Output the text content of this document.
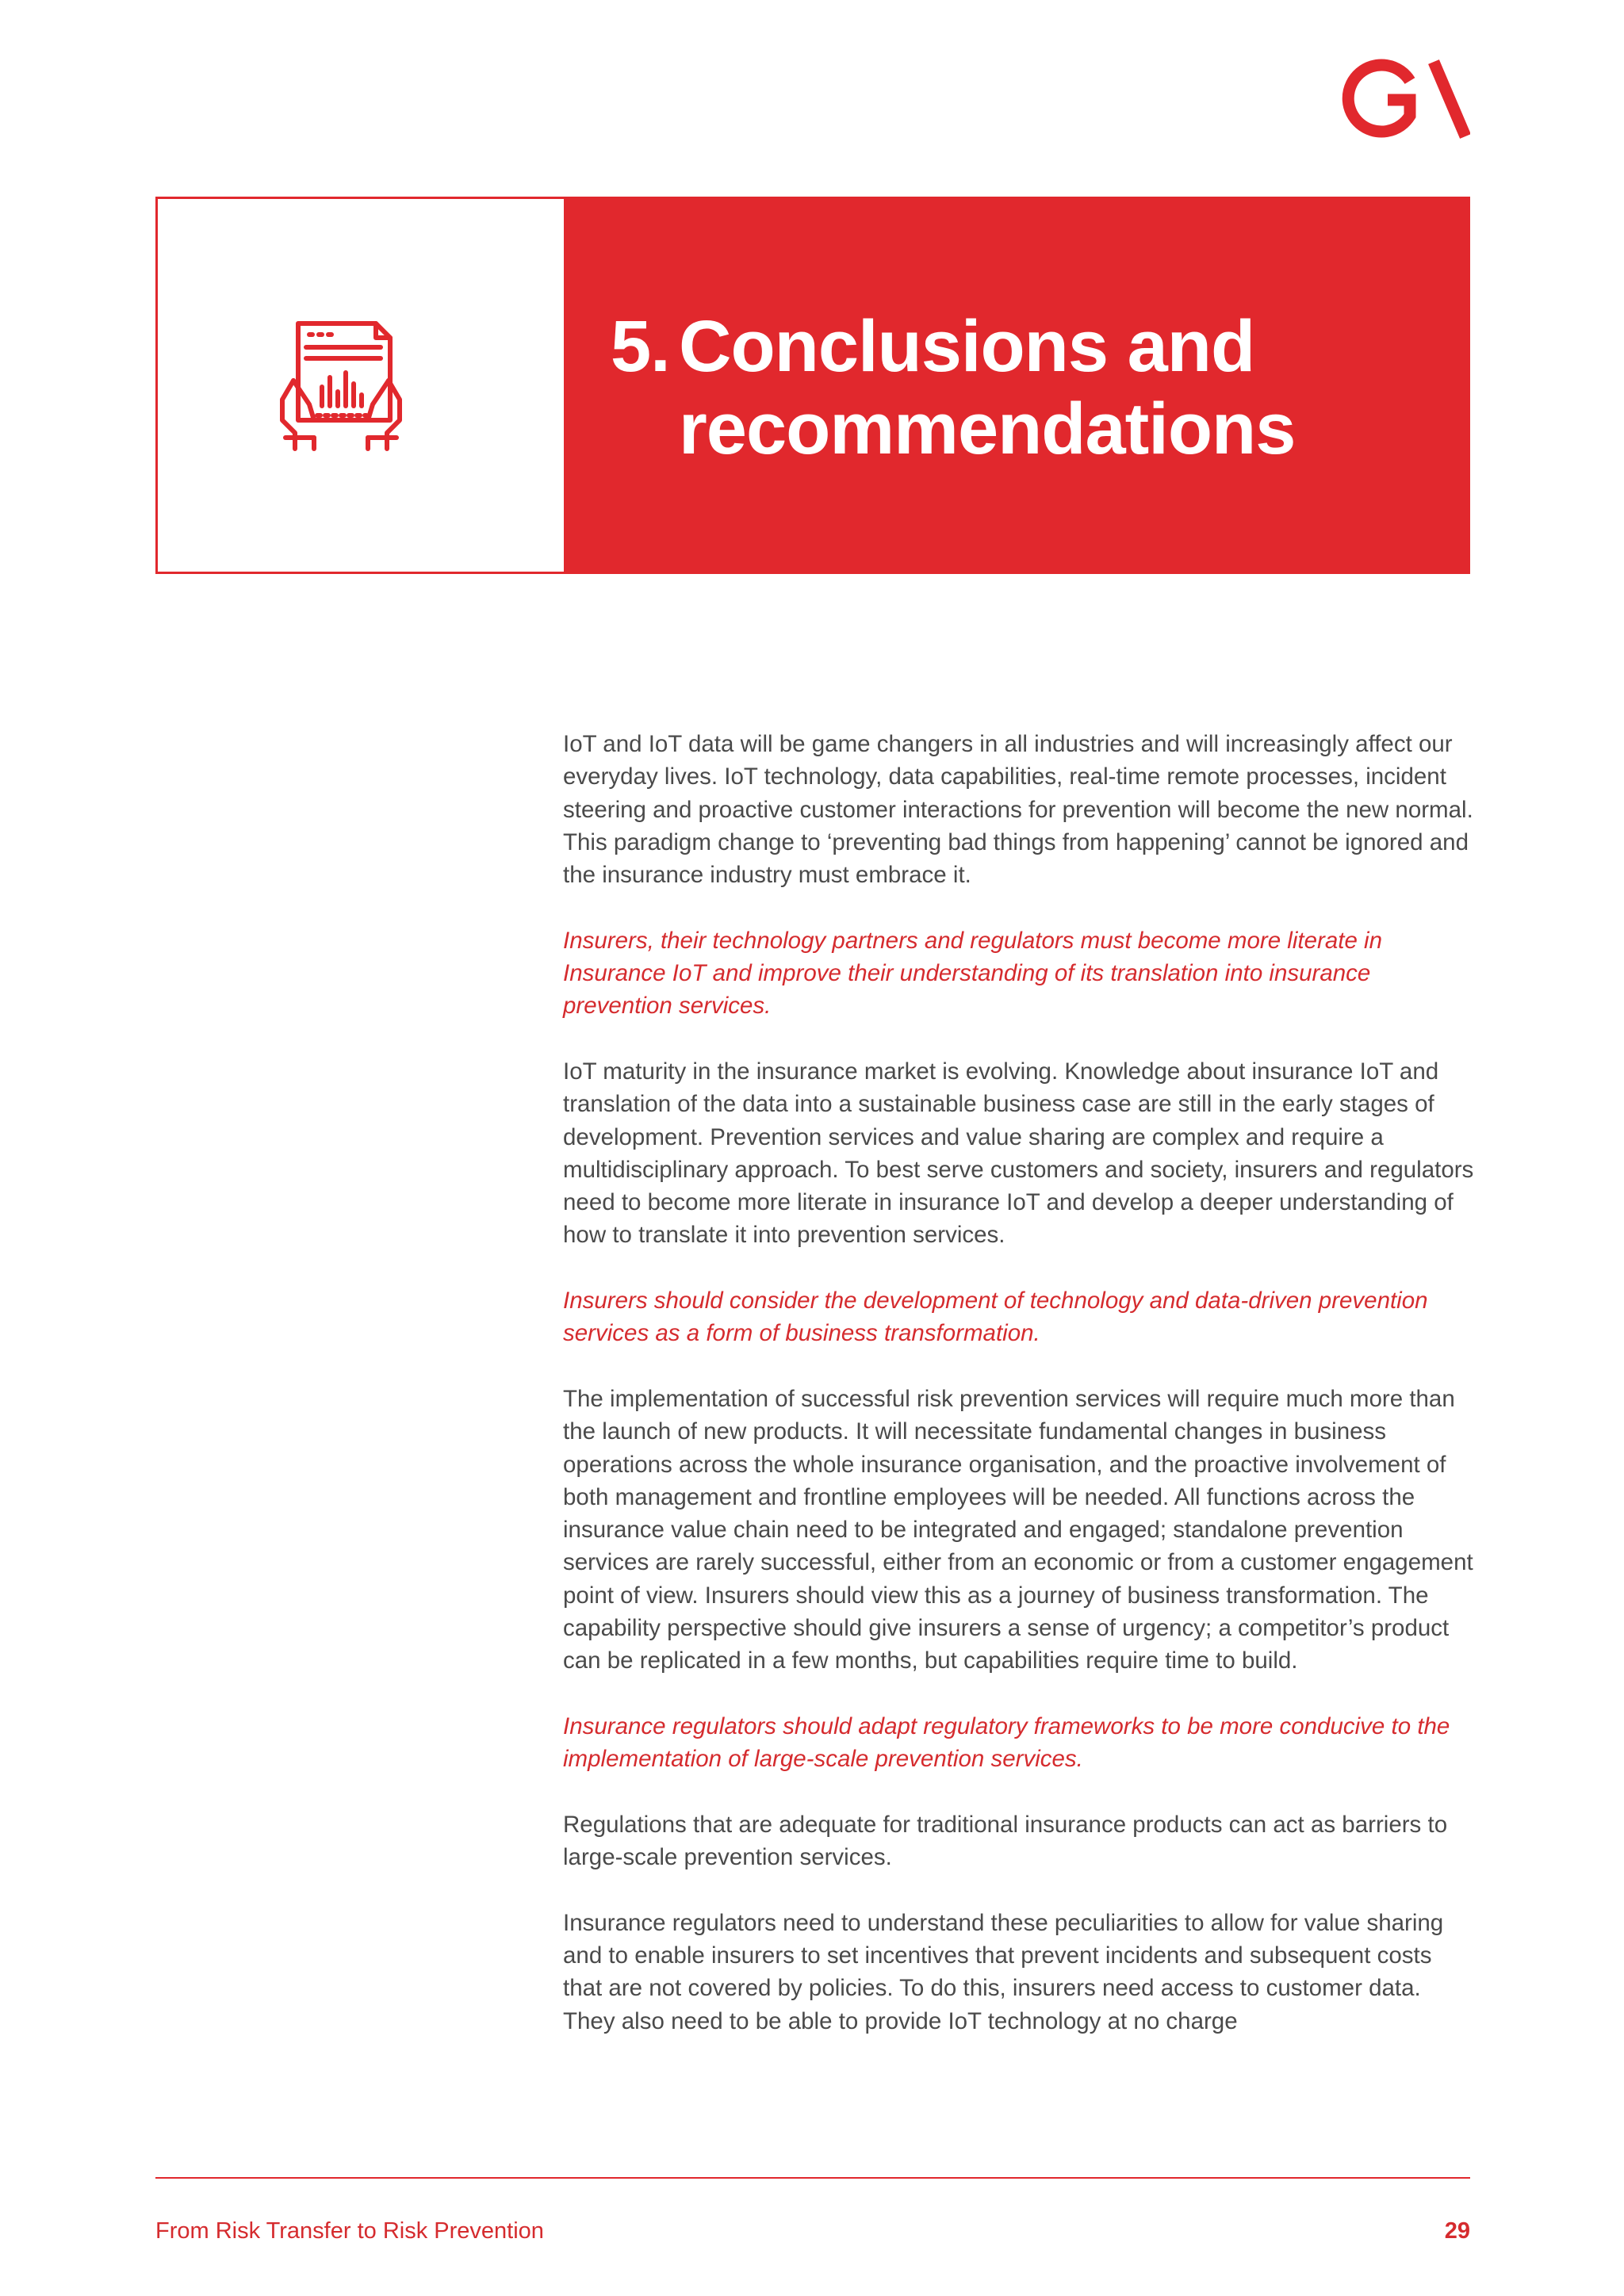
5. Conclusions and
recommendations

IoT and IoT data will be game changers in all industries and will increasingly affect our everyday lives. IoT technology, data capabilities, real-time remote processes, incident steering and proactive customer interactions for prevention will become the new normal. This paradigm change to ‘preventing bad things from happening’ cannot be ignored and the insurance industry must embrace it.

Insurers, their technology partners and regulators must become more literate in Insurance IoT and improve their understanding of its translation into insurance prevention services.

IoT maturity in the insurance market is evolving. Knowledge about insurance IoT and translation of the data into a sustainable business case are still in the early stages of development. Prevention services and value sharing are complex and require a multidisciplinary approach. To best serve customers and society, insurers and regulators need to become more literate in insurance IoT and develop a deeper understanding of how to translate it into prevention services.

Insurers should consider the development of technology and data-driven prevention services as a form of business transformation.

The implementation of successful risk prevention services will require much more than the launch of new products. It will necessitate fundamental changes in business operations across the whole insurance organisation, and the proactive involvement of both management and frontline employees will be needed. All functions across the insurance value chain need to be integrated and engaged; standalone prevention services are rarely successful, either from an economic or from a customer engagement point of view. Insurers should view this as a journey of business transformation. The capability perspective should give insurers a sense of urgency; a competitor’s product can be replicated in a few months, but capabilities require time to build.

Insurance regulators should adapt regulatory frameworks to be more conducive to the implementation of large-scale prevention services.

Regulations that are adequate for traditional insurance products can act as barriers to large-scale prevention services.

Insurance regulators need to understand these peculiarities to allow for value sharing and to enable insurers to set incentives that prevent incidents and subsequent costs that are not covered by policies. To do this, insurers need access to customer data. They also need to be able to provide IoT technology at no charge

From Risk Transfer to Risk Prevention	29
